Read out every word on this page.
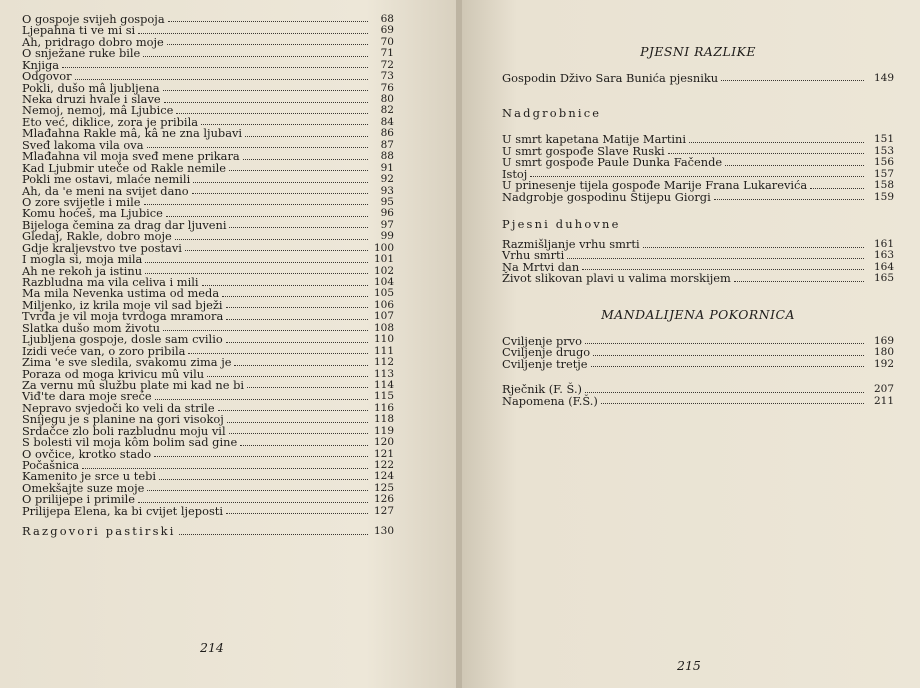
O gospoje svijeh gospoja	68
Ljepahna ti ve mi si	69
Ah, pridrago dobro moje	70
O snježane ruke bile	71
Knjiga	72
Odgovor	73
Pokli, dušo mâ ljubljena	76
Neka druzi hvale i slave	80
Nemoj, nemoj, mâ Ljubice	82
Eto već, diklice, zora je pribila	84
Mlađahna Rakle mâ, kâ ne zna ljubavi	86
Sveđ lakoma vila ova	87
Mlađahna vil moja sveđ mene prikara	88
Kad Ljubmir uteče od Rakle nemile	91
Pokli me ostavi, mlaće nemili	92
Ah, da 'e meni na svijet dano	93
O zore svijetle i mile	95
Komu hoćeš, ma Ljubice	96
Bijeloga čemina za drag dar ljuveni	97
Gledaj, Rakle, dobro moje	99
Gdje kraljevstvo tve postavi	100
I mogla si, moja mila	101
Ah ne rekoh ja istinu	102
Razbludna ma vila celiva i mili	104
Ma mila Nevenka ustima od meda	105
Miljenko, iz krila moje vil sad bježi	106
Tvrđa je vil moja tvrdoga mramora	107
Slatka dušo mom životu	108
Ljubljena gospoje, dosle sam cvilio	110
Izidi veće van, o zoro pribila	111
Zima 'e sve sledila, svakomu zima je	112
Poraza od moga krivicu mû vilu	113
Za vernu mû službu plate mi kad ne bi	114
Viđ'te dara moje sreće	115
Nepravo svjedoči ko veli da strile	116
Snijegu je s planine na gori visokoj	118
Srdačce zlo boli razbludnu moju vil	119
S bolesti vil moja kôm bolim sad gine	120
O ovčice, krotko stado	121
Počašnica	122
Kamenito je srce u tebi	124
Omekšajte suze moje	125
O prilijepe i primile	126
Prilijepa Elena, ka bi cvijet ljeposti	127
Razgovori pastirski	130
214
PJESNI RAZLIKE
Gospodin Dživo Sara Bunića pjesniku	149
Nadgrobnice
U smrt kapetana Matije Martini	151
U smrt gospođe Slave Ruski	153
U smrt gospođe Paule Dunka Fačende	156
Istoj	157
U prinesenje tijela gospođe Marije Frana Lukarevića	158
Nadgrobje gospodinu Stijepu Giorgi	159
Pjesni duhovne
Razmišljanje vrhu smrti	161
Vrhu smrti	163
Na Mrtvi dan	164
Život slikovan plavi u valima morskijem	165
MANDALIJENA POKORNICA
Cviljenje prvo	169
Cviljenje drugo	180
Cviljenje tretje	192
Rječnik (F. Š.)	207
Napomena (F.Š.)	211
215
